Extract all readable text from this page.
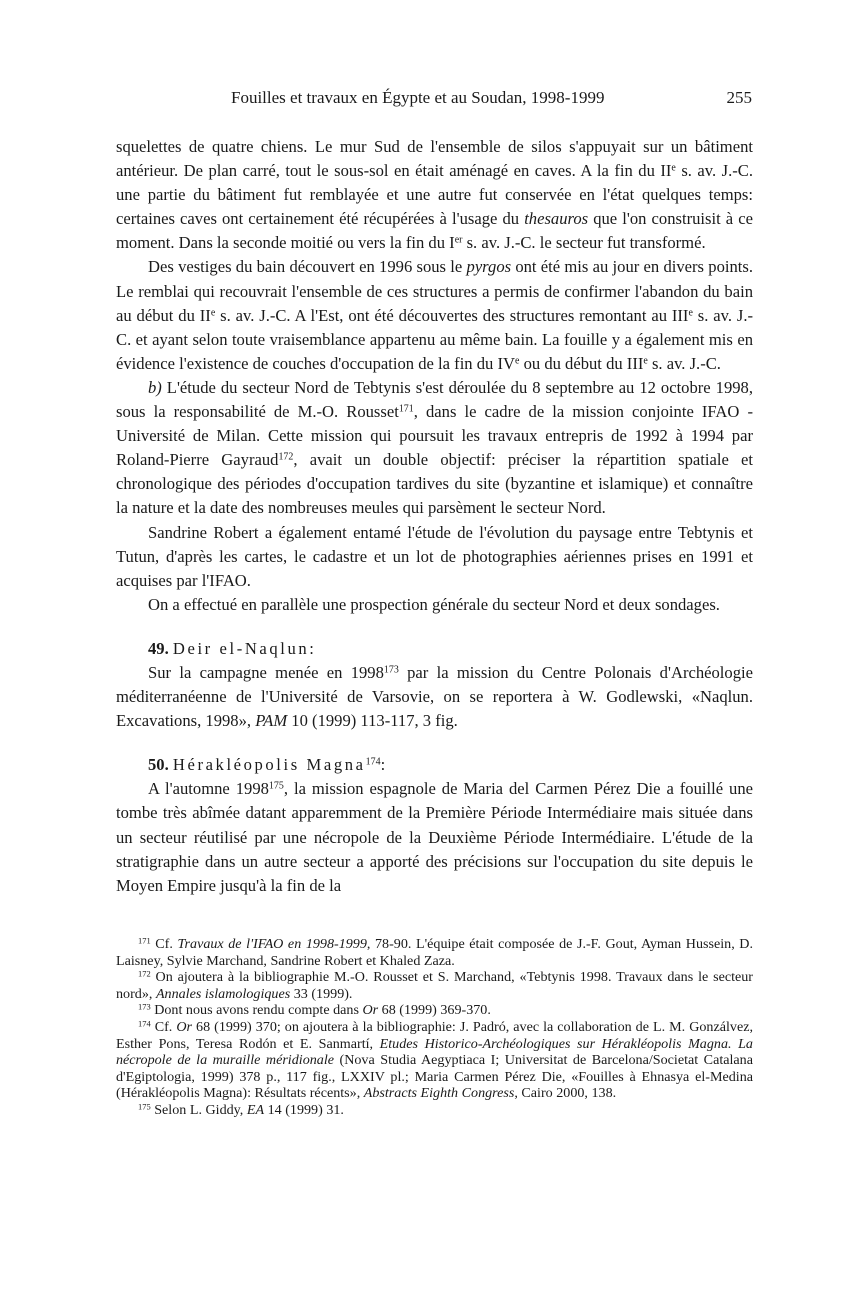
Fouilles et travaux en Égypte et au Soudan, 1998-1999	255

squelettes de quatre chiens. Le mur Sud de l'ensemble de silos s'appuyait sur un bâtiment antérieur. De plan carré, tout le sous-sol en était aménagé en caves. A la fin du IIe s. av. J.-C. une partie du bâtiment fut remblayée et une autre fut conservée en l'état quelques temps: certaines caves ont certainement été récupérées à l'usage du thesauros que l'on construisit à ce moment. Dans la seconde moitié ou vers la fin du Ier s. av. J.-C. le secteur fut transformé.

Des vestiges du bain découvert en 1996 sous le pyrgos ont été mis au jour en divers points. Le remblai qui recouvrait l'ensemble de ces structures a permis de confirmer l'abandon du bain au début du IIe s. av. J.-C. A l'Est, ont été découvertes des structures remontant au IIIe s. av. J.-C. et ayant selon toute vraisemblance appartenu au même bain. La fouille y a également mis en évidence l'existence de couches d'occupation de la fin du IVe ou du début du IIIe s. av. J.-C.

b) L'étude du secteur Nord de Tebtynis s'est déroulée du 8 septembre au 12 octobre 1998, sous la responsabilité de M.-O. Rousset$^{171}$, dans le cadre de la mission conjointe IFAO - Université de Milan. Cette mission qui poursuit les travaux entrepris de 1992 à 1994 par Roland-Pierre Gayraud$^{172}$, avait un double objectif: préciser la répartition spatiale et chronologique des périodes d'occupation tardives du site (byzantine et islamique) et connaître la nature et la date des nombreuses meules qui parsèment le secteur Nord.

Sandrine Robert a également entamé l'étude de l'évolution du paysage entre Tebtynis et Tutun, d'après les cartes, le cadastre et un lot de photographies aériennes prises en 1991 et acquises par l'IFAO.

On a effectué en parallèle une prospection générale du secteur Nord et deux sondages.

49. Deir el-Naqlun:

Sur la campagne menée en 1998$^{173}$ par la mission du Centre Polonais d'Archéologie méditerranéenne de l'Université de Varsovie, on se reportera à W. Godlewski, «Naqlun. Excavations, 1998», PAM 10 (1999) 113-117, 3 fig.

50. Hérakléopolis Magna$^{174}$:

A l'automne 1998$^{175}$, la mission espagnole de Maria del Carmen Pérez Die a fouillé une tombe très abîmée datant apparemment de la Première Période Intermédiaire mais située dans un secteur réutilisé par une nécropole de la Deuxième Période Intermédiaire. L'étude de la stratigraphie dans un autre secteur a apporté des précisions sur l'occupation du site depuis le Moyen Empire jusqu'à la fin de la

$^{171}$ Cf. Travaux de l'IFAO en 1998-1999, 78-90. L'équipe était composée de J.-F. Gout, Ayman Hussein, D. Laisney, Sylvie Marchand, Sandrine Robert et Khaled Zaza.

$^{172}$ On ajoutera à la bibliographie M.-O. Rousset et S. Marchand, «Tebtynis 1998. Travaux dans le secteur nord», Annales islamologiques 33 (1999).

$^{173}$ Dont nous avons rendu compte dans Or 68 (1999) 369-370.

$^{174}$ Cf. Or 68 (1999) 370; on ajoutera à la bibliographie: J. Padró, avec la collaboration de L. M. Gonzálvez, Esther Pons, Teresa Rodón et E. Sanmartí, Etudes Historico-Archéologiques sur Hérakléopolis Magna. La nécropole de la muraille méridionale (Nova Studia Aegyptiaca I; Universitat de Barcelona/Societat Catalana d'Egiptologia, 1999) 378 p., 117 fig., LXXIV pl.; Maria Carmen Pérez Die, «Fouilles à Ehnasya el-Medina (Hérakléopolis Magna): Résultats récents», Abstracts Eighth Congress, Cairo 2000, 138.

$^{175}$ Selon L. Giddy, EA 14 (1999) 31.
